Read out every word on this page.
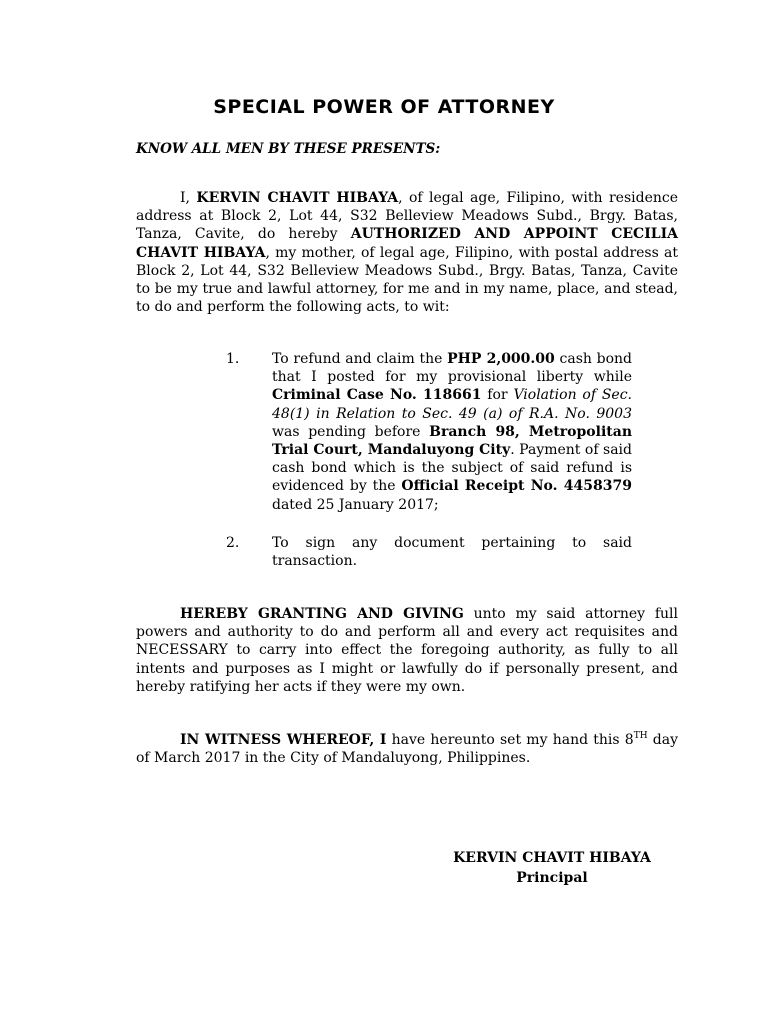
SPECIAL POWER OF ATTORNEY
KNOW ALL MEN BY THESE PRESENTS:
I, KERVIN CHAVIT HIBAYA, of legal age, Filipino, with residence address at Block 2, Lot 44, S32 Belleview Meadows Subd., Brgy. Batas, Tanza, Cavite, do hereby AUTHORIZED AND APPOINT CECILIA CHAVIT HIBAYA, my mother, of legal age, Filipino, with postal address at Block 2, Lot 44, S32 Belleview Meadows Subd., Brgy. Batas, Tanza, Cavite to be my true and lawful attorney, for me and in my name, place, and stead, to do and perform the following acts, to wit:
1. To refund and claim the PHP 2,000.00 cash bond that I posted for my provisional liberty while Criminal Case No. 118661 for Violation of Sec. 48(1) in Relation to Sec. 49 (a) of R.A. No. 9003 was pending before Branch 98, Metropolitan Trial Court, Mandaluyong City. Payment of said cash bond which is the subject of said refund is evidenced by the Official Receipt No. 4458379 dated 25 January 2017;
2. To sign any document pertaining to said transaction.
HEREBY GRANTING AND GIVING unto my said attorney full powers and authority to do and perform all and every act requisites and NECESSARY to carry into effect the foregoing authority, as fully to all intents and purposes as I might or lawfully do if personally present, and hereby ratifying her acts if they were my own.
IN WITNESS WHEREOF, I have hereunto set my hand this 8TH day of March 2017 in the City of Mandaluyong, Philippines.
KERVIN CHAVIT HIBAYA
Principal
